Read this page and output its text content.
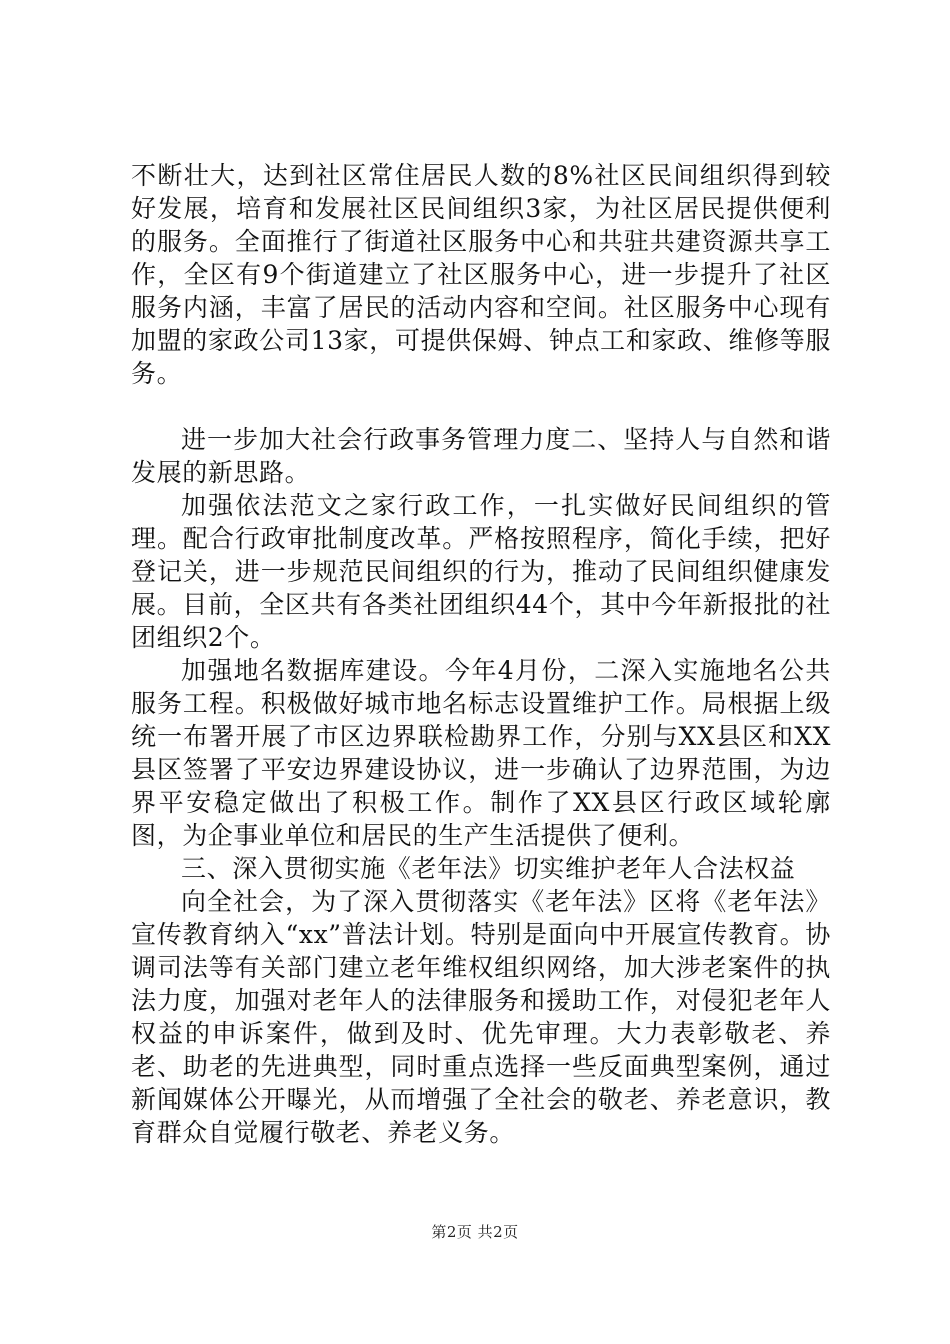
不断壮大，达到社区常住居民人数的8%社区民间组织得到较好发展，培育和发展社区民间组织3家，为社区居民提供便利的服务。全面推行了街道社区服务中心和共驻共建资源共享工作，全区有9个街道建立了社区服务中心，进一步提升了社区服务内涵，丰富了居民的活动内容和空间。社区服务中心现有加盟的家政公司13家，可提供保姆、钟点工和家政、维修等服务。

进一步加大社会行政事务管理力度二、坚持人与自然和谐发展的新思路。

加强依法范文之家行政工作，一扎实做好民间组织的管理。配合行政审批制度改革。严格按照程序，简化手续，把好登记关，进一步规范民间组织的行为，推动了民间组织健康发展。目前，全区共有各类社团组织44个，其中今年新报批的社团组织2个。

加强地名数据库建设。今年4月份，二深入实施地名公共服务工程。积极做好城市地名标志设置维护工作。局根据上级统一布署开展了市区边界联检勘界工作，分别与XX县区和XX县区签署了平安边界建设协议，进一步确认了边界范围，为边界平安稳定做出了积极工作。制作了XX县区行政区域轮廓图，为企事业单位和居民的生产生活提供了便利。

三、深入贯彻实施《老年法》切实维护老年人合法权益

向全社会，为了深入贯彻落实《老年法》区将《老年法》宣传教育纳入“xx”普法计划。特别是面向中开展宣传教育。协调司法等有关部门建立老年维权组织网络，加大涉老案件的执法力度，加强对老年人的法律服务和援助工作，对侵犯老年人权益的申诉案件，做到及时、优先审理。大力表彰敬老、养老、助老的先进典型，同时重点选择一些反面典型案例，通过新闻媒体公开曝光，从而增强了全社会的敬老、养老意识，教育群众自觉履行敬老、养老义务。

第2页 共2页
